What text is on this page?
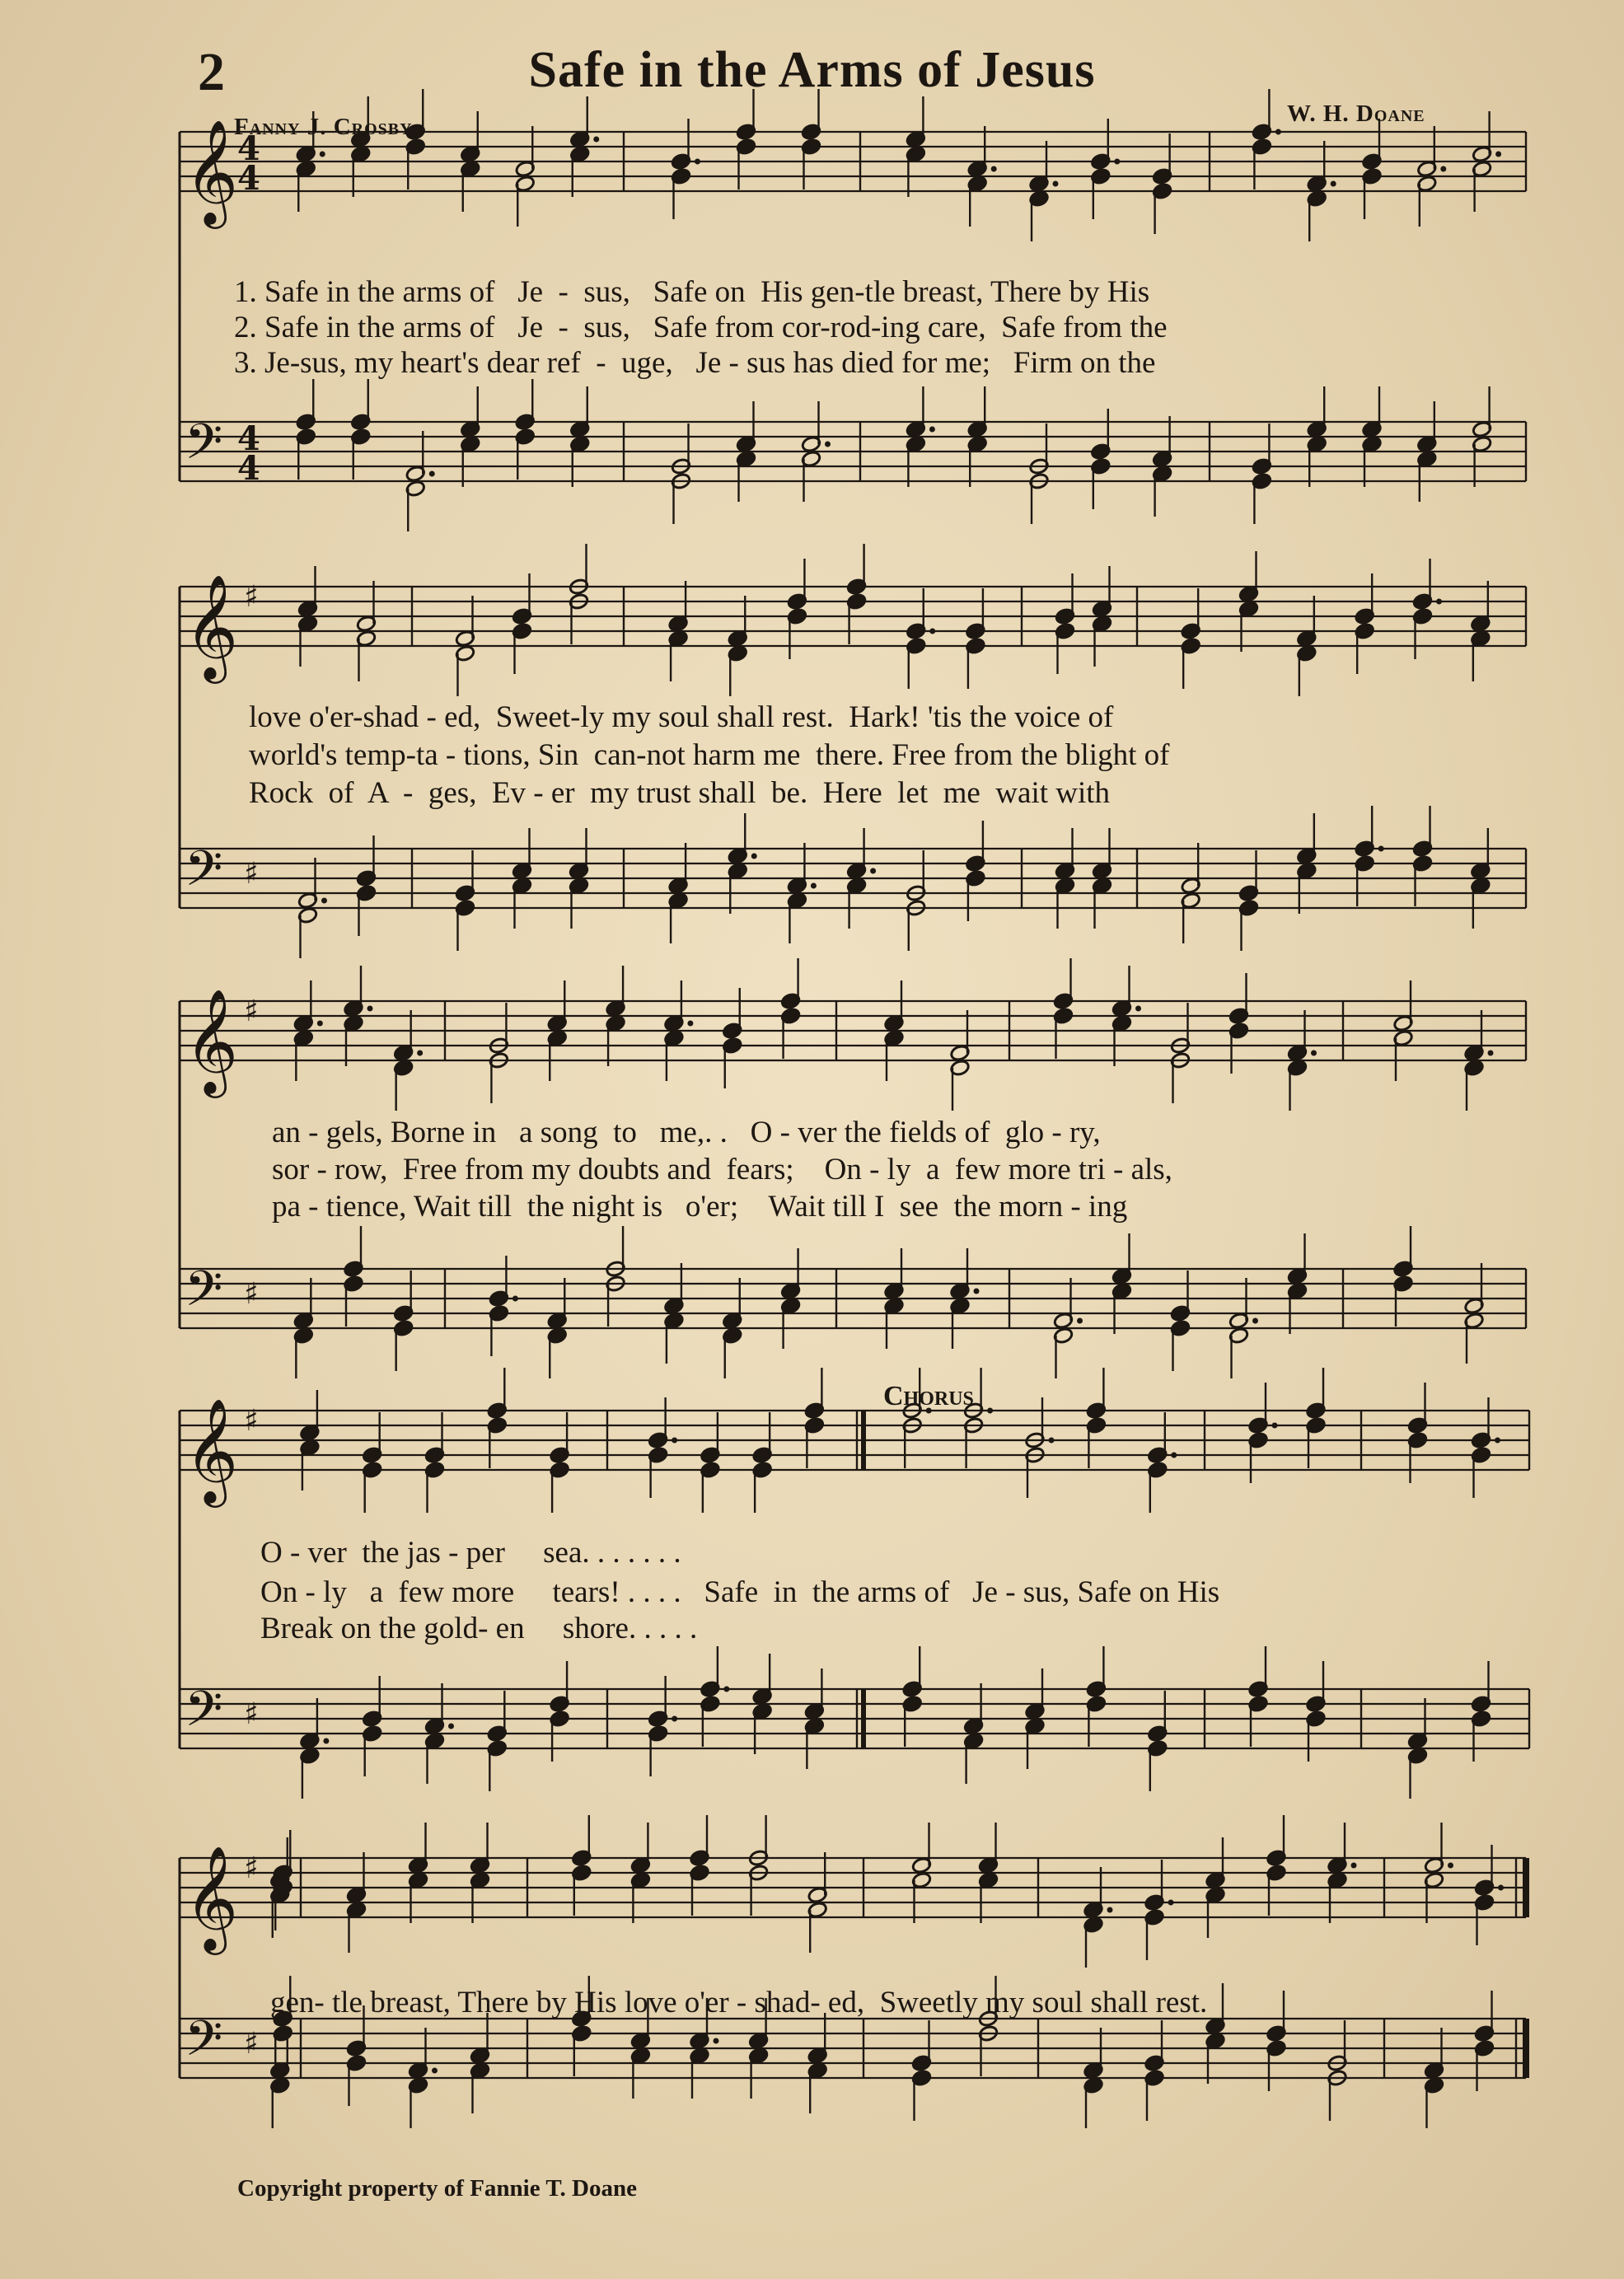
𝄞
4
4
𝄢 4
4
𝄞 ♯
𝄢 ♯
𝄞 ♯
𝄢 ♯
𝄞 ♯
𝄢 ♯
𝄞 ♯
𝄢 ♯
2	Safe in the Arms of Jesus
Fanny J. Crosby	W. H. Doane
Chorus
1. Safe in the arms of   Je  -  sus,   Safe on  His gen-tle breast, There by His
2. Safe in the arms of   Je  -  sus,   Safe from cor-rod-ing care,  Safe from the
3. Je-sus, my heart's dear ref  -  uge,   Je - sus has died for me;   Firm on the
love o'er-shad - ed,  Sweet-ly my soul shall rest.  Hark! 'tis the voice of
world's temp-ta - tions, Sin  can-not harm me  there. Free from the blight of
Rock  of  A  -  ges,  Ev - er  my trust shall  be.  Here  let  me  wait with
an - gels, Borne in   a song  to   me,. .   O - ver the fields of  glo - ry,
sor - row,  Free from my doubts and  fears;    On - ly  a  few more tri - als,
pa - tience, Wait till  the night is   o'er;    Wait till I  see  the morn - ing
O - ver  the jas - per     sea. . . . . . .
On - ly   a  few more     tears! . . . .   Safe  in  the arms of   Je - sus, Safe on His
Break on the gold- en     shore. . . . .
gen- tle breast, There by His love o'er - shad- ed,  Sweetly my soul shall rest.
Copyright property of Fannie T. Doane
